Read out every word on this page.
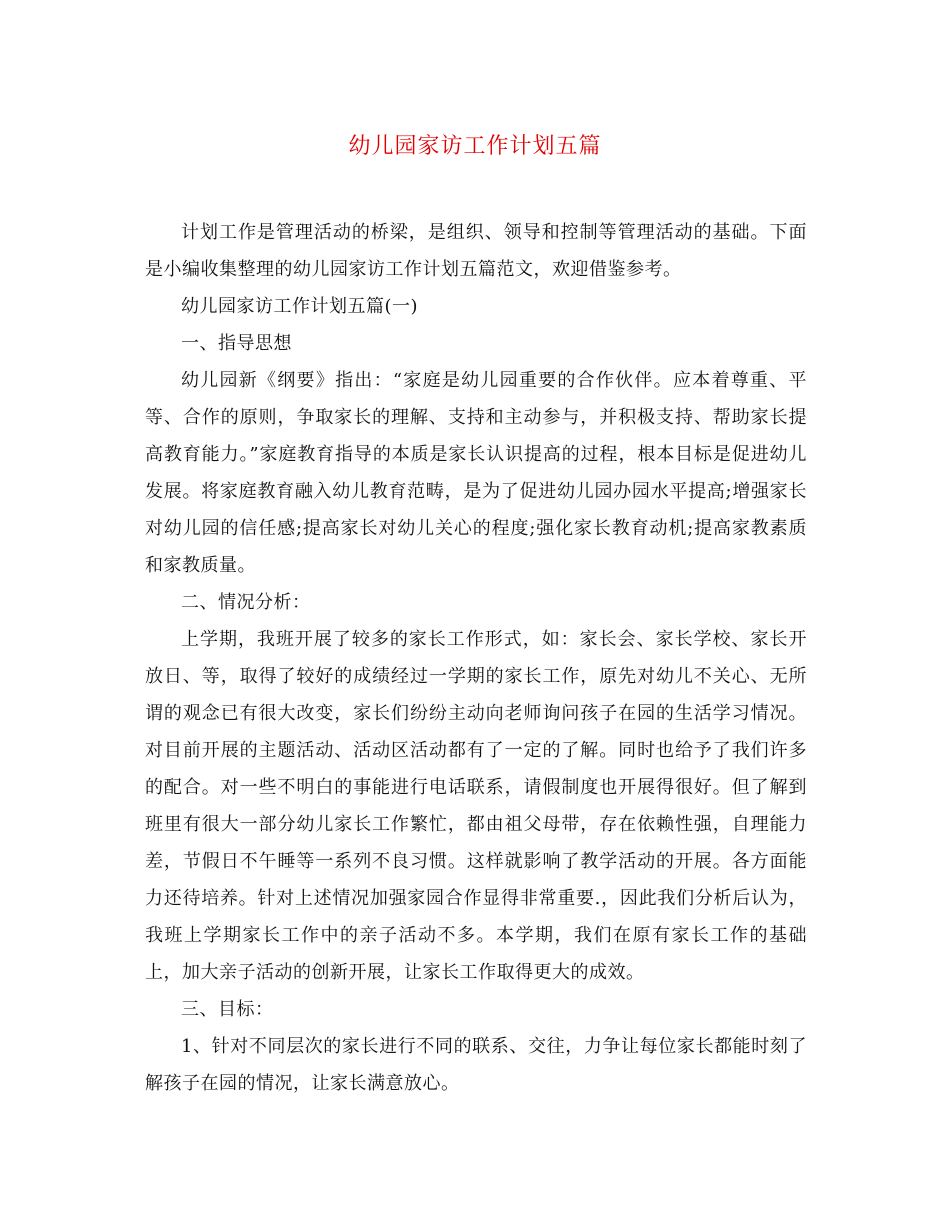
幼儿园家访工作计划五篇

计划工作是管理活动的桥梁，是组织、领导和控制等管理活动的基础。下面是小编收集整理的幼儿园家访工作计划五篇范文，欢迎借鉴参考。

幼儿园家访工作计划五篇(一)

一、指导思想

幼儿园新《纲要》指出：“家庭是幼儿园重要的合作伙伴。应本着尊重、平等、合作的原则，争取家长的理解、支持和主动参与，并积极支持、帮助家长提高教育能力。”家庭教育指导的本质是家长认识提高的过程，根本目标是促进幼儿发展。将家庭教育融入幼儿教育范畴，是为了促进幼儿园办园水平提高;增强家长对幼儿园的信任感;提高家长对幼儿关心的程度;强化家长教育动机;提高家教素质和家教质量。

二、情况分析：

上学期，我班开展了较多的家长工作形式，如：家长会、家长学校、家长开放日、等，取得了较好的成绩经过一学期的家长工作，原先对幼儿不关心、无所谓的观念已有很大改变，家长们纷纷主动向老师询问孩子在园的生活学习情况。对目前开展的主题活动、活动区活动都有了一定的了解。同时也给予了我们许多的配合。对一些不明白的事能进行电话联系，请假制度也开展得很好。但了解到班里有很大一部分幼儿家长工作繁忙，都由祖父母带，存在依赖性强，自理能力差，节假日不午睡等一系列不良习惯。这样就影响了教学活动的开展。各方面能力还待培养。针对上述情况加强家园合作显得非常重要.，因此我们分析后认为，我班上学期家长工作中的亲子活动不多。本学期，我们在原有家长工作的基础上，加大亲子活动的创新开展，让家长工作取得更大的成效。

三、目标：

1、针对不同层次的家长进行不同的联系、交往，力争让每位家长都能时刻了解孩子在园的情况，让家长满意放心。
